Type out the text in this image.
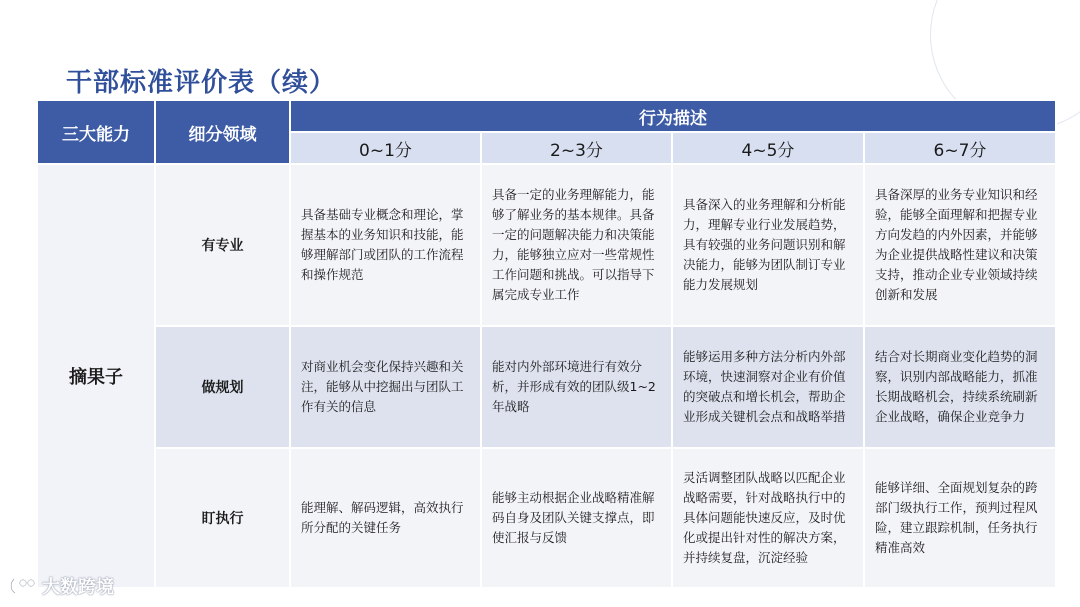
干部标准评价表（续）
三大能力	细分领域	行为描述			
		0~1分	2~3分	4~5分	6~7分
摘果子	有专业	具备基础专业概念和理论，掌握基本的业务知识和技能，能够理解部门或团队的工作流程和操作规范	具备一定的业务理解能力，能够了解业务的基本规律。具备一定的问题解决能力和决策能力，能够独立应对一些常规性工作问题和挑战。可以指导下属完成专业工作	具备深入的业务理解和分析能力，理解专业行业发展趋势，具有较强的业务问题识别和解决能力，能够为团队制订专业能力发展规划	具备深厚的业务专业知识和经验，能够全面理解和把握专业方向发趋的内外因素，并能够为企业提供战略性建议和决策支持，推动企业专业领域持续创新和发展
	做规划	对商业机会变化保持兴趣和关注，能够从中挖掘出与团队工作有关的信息	能对内外部环境进行有效分析，并形成有效的团队级1~2年战略	能够运用多种方法分析内外部环境，快速洞察对企业有价值的突破点和增长机会，帮助企业形成关键机会点和战略举措	结合对长期商业变化趋势的洞察，识别内部战略能力，抓准长期战略机会，持续系统刷新企业战略，确保企业竞争力
	盯执行	能理解、解码逻辑，高效执行所分配的关键任务	能够主动根据企业战略精准解码自身及团队关键支撑点，即使汇报与反馈	灵活调整团队战略以匹配企业战略需要，针对战略执行中的具体问题能快速反应，及时优化或提出针对性的解决方案，并持续复盘，沉淀经验	能够详细、全面规划复杂的跨部门级执行工作，预判过程风险，建立跟踪机制，任务执行精准高效
大数跨境
